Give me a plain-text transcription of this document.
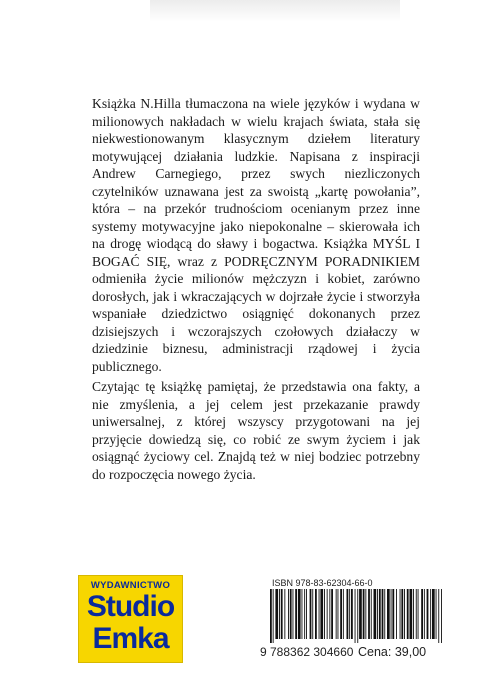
Książka N.Hilla tłumaczona na wiele języków i wydana w milionowych nakładach w wielu krajach świata, stała się niekwestionowanym klasycznym dziełem literatury motywującej działania ludzkie. Napisana z inspiracji Andrew Carnegiego, przez swych niezliczonych czytelników uznawana jest za swoistą „kartę powołania”, która – na przekór trudnościom ocenianym przez inne systemy motywacyjne jako niepokonalne – skierowała ich na drogę wiodącą do sławy i bogactwa. Książka MYŚL I BOGAĆ SIĘ, wraz z PODRĘCZNYM PORADNIKIEM odmieniła życie milionów mężczyzn i kobiet, zarówno dorosłych, jak i wkraczających w dojrzałe życie i stworzyła wspaniałe dziedzictwo osiągnięć dokonanych przez dzisiejszych i wczorajszych czołowych działaczy w dziedzinie biznesu, administracji rządowej i życia publicznego.

Czytając tę książkę pamiętaj, że przedstawia ona fakty, a nie zmyślenia, a jej celem jest przekazanie prawdy uniwersalnej, z której wszyscy przygotowani na jej przyjęcie dowiedzą się, co robić ze swym życiem i jak osiągnąć życiowy cel. Znajdą też w niej bodziec potrzebny do rozpoczęcia nowego życia.

WYDAWNICTWO
Studio
Emka
ISBN 978-83-62304-66-0
9 788362 304660 Cena: 39,00
